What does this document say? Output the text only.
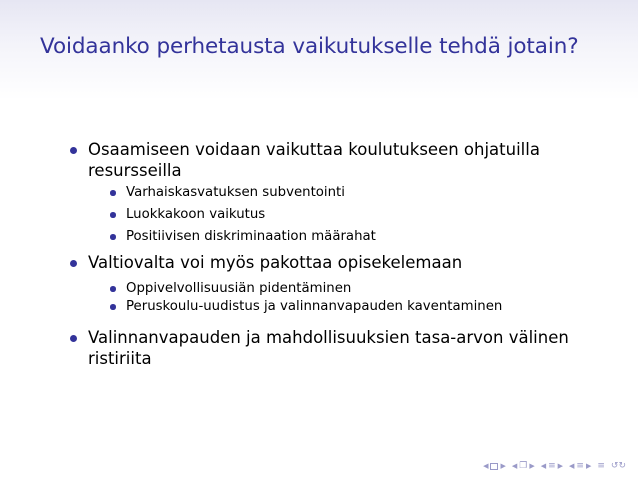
Voidaanko perhetausta vaikutukselle tehdä jotain?
Osaamiseen voidaan vaikuttaa koulutukseen ohjatuilla
resursseilla
Varhaiskasvatuksen subventointi
Luokkakoon vaikutus
Positiivisen diskriminaation määrahat
Valtiovalta voi myös pakottaa opisekelemaan
Oppivelvollisuusiän pidentäminen
Peruskoulu-uudistus ja valinnanvapauden kaventaminen
Valinnanvapauden ja mahdollisuuksien tasa-arvon välinen
ristiriita
◀ ▶ ◀ ❐ ▶ ◀ ≡ ▶ ◀ ≡ ▶ ≡ ↺↻
